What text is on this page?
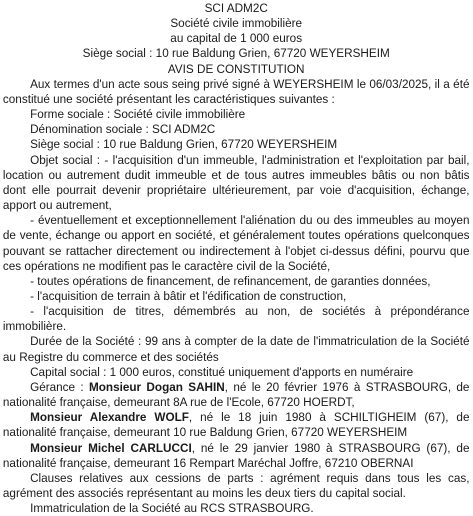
SCI ADM2C
Société civile immobilière
au capital de 1 000 euros
Siège social : 10 rue Baldung Grien, 67720 WEYERSHEIM
AVIS DE CONSTITUTION
Aux termes d'un acte sous seing privé signé à WEYERSHEIM le 06/03/2025, il a été constitué une société présentant les caractéristiques suivantes :
Forme sociale : Société civile immobilière
Dénomination sociale : SCI ADM2C
Siège social : 10 rue Baldung Grien, 67720 WEYERSHEIM
Objet social : - l'acquisition d'un immeuble, l'administration et l'exploitation par bail, location ou autrement dudit immeuble et de tous autres immeubles bâtis ou non bâtis dont elle pourrait devenir propriétaire ultérieurement, par voie d'acquisition, échange, apport ou autrement,
- éventuellement et exceptionnellement l'aliénation du ou des immeubles au moyen de vente, échange ou apport en société, et généralement toutes opérations quelconques pouvant se rattacher directement ou indirectement à l'objet ci-dessus défini, pourvu que ces opérations ne modifient pas le caractère civil de la Société,
- toutes opérations de financement, de refinancement, de garanties données,
- l'acquisition de terrain à bâtir et l'édification de construction,
- l'acquisition de titres, démembrés au non, de sociétés à prépondérance immobilière.
Durée de la Société : 99 ans à compter de la date de l'immatriculation de la Société au Registre du commerce et des sociétés
Capital social : 1 000 euros, constitué uniquement d'apports en numéraire
Gérance : Monsieur Dogan SAHIN, né le 20 février 1976 à STRASBOURG, de nationalité française, demeurant 8A rue de l'Ecole, 67720 HOERDT,
Monsieur Alexandre WOLF, né le 18 juin 1980 à SCHILTIGHEIM (67), de nationalité française, demeurant 10 rue Baldung Grien, 67720 WEYERSHEIM
Monsieur Michel CARLUCCI, né le 29 janvier 1980 à STRASBOURG (67), de nationalité française, demeurant 16 Rempart Maréchal Joffre, 67210 OBERNAI
Clauses relatives aux cessions de parts : agrément requis dans tous les cas, agrément des associés représentant au moins les deux tiers du capital social.
Immatriculation de la Société au RCS STRASBOURG.
